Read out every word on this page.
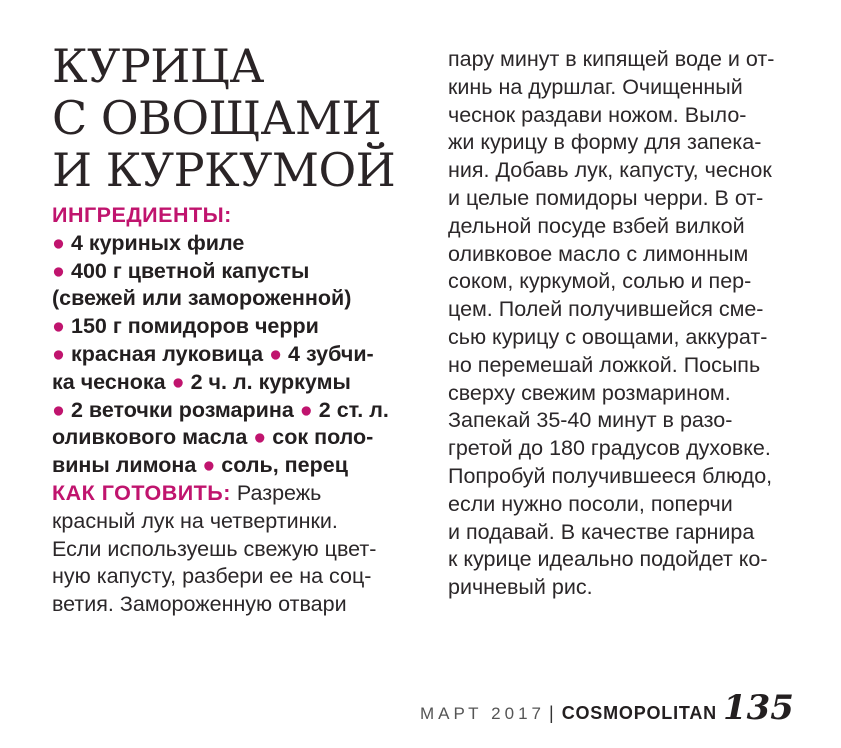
КУРИЦА
С ОВОЩАМИ
И КУРКУМОЙ
ИНГРЕДИЕНТЫ:
● 4 куриных филе
● 400 г цветной капусты
(свежей или замороженной)
● 150 г помидоров черри
● красная луковица ● 4 зубчи-
ка чеснока ● 2 ч. л. куркумы
● 2 веточки розмарина ● 2 ст. л.
оливкового масла ● сок поло-
вины лимона ● соль, перец
КАК ГОТОВИТЬ: Разрежь
красный лук на четвертинки.
Если используешь свежую цвет-
ную капусту, разбери ее на соц-
ветия. Замороженную отвари
пару минут в кипящей воде и от-
кинь на дуршлаг. Очищенный
чеснок раздави ножом. Выло-
жи курицу в форму для запека-
ния. Добавь лук, капусту, чеснок
и целые помидоры черри. В от-
дельной посуде взбей вилкой
оливковое масло с лимонным
соком, куркумой, солью и пер-
цем. Полей получившейся сме-
сью курицу с овощами, аккурат-
но перемешай ложкой. Посыпь
сверху свежим розмарином.
Запекай 35-40 минут в разо-
гретой до 180 градусов духовке.
Попробуй получившееся блюдо,
если нужно посоли, поперчи
и подавай. В качестве гарнира
к курице идеально подойдет ко-
ричневый рис.
МАРТ 2017 | COSMOPOLITAN 135
